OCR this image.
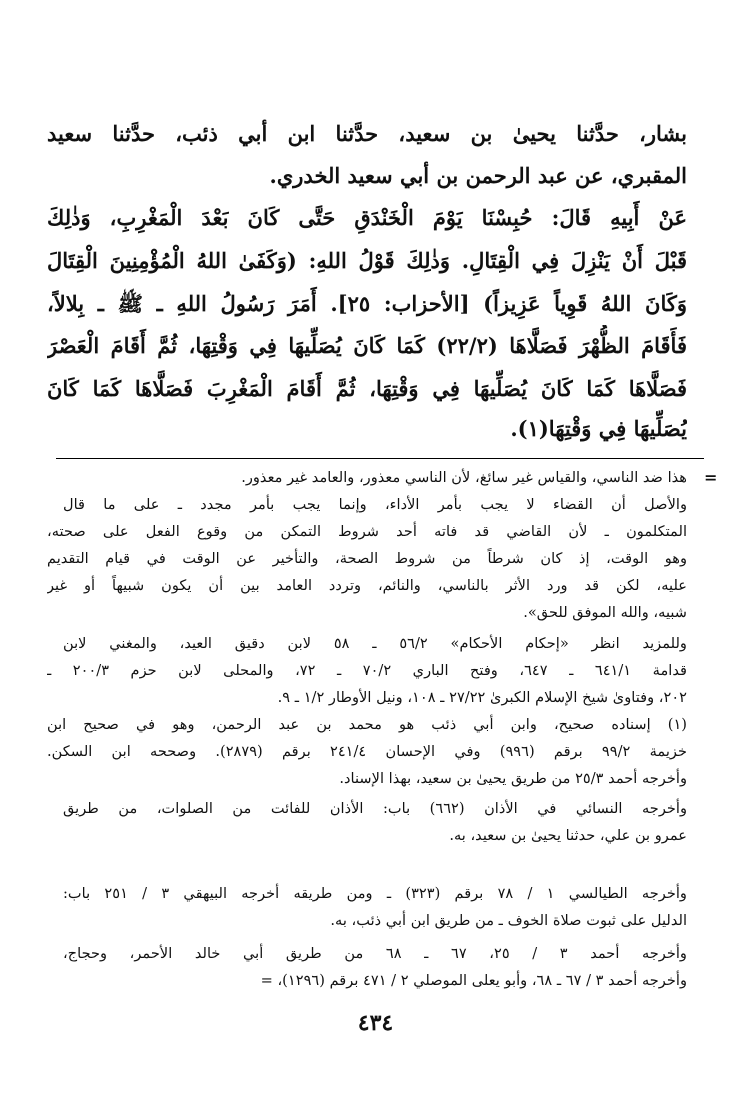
بشار، حدَّثنا يحيىٰ بن سعيد، حدَّثنا ابن أبي ذئب، حدَّثنا سعيد
المقبري، عن عبد الرحمن بن أبي سعيد الخدري.
عَنْ أَبِيهِ قَالَ: حُبِسْنَا يَوْمَ الْخَنْدَقِ حَتَّى كَانَ بَعْدَ الْمَغْرِبِ، وَذٰلِكَ
قَبْلَ أَنْ يَنْزِلَ فِي الْقِتَالِ. وَذٰلِكَ قَوْلُ اللهِ: (وَكَفَىٰ اللهُ الْمُؤْمِنِينَ الْقِتَالَ
وَكَانَ اللهُ قَوِياً عَزِيزاً) [الأحزاب: ٢٥]. أَمَرَ رَسُولُ اللهِ ـ ﷺ ـ بِلالاً،
فَأَقَامَ الظُّهْرَ فَصَلَّاهَا (٢٢/٢) كَمَا كَانَ يُصَلِّيهَا فِي وَقْتِهَا، ثُمَّ أَقَامَ الْعَصْرَ
فَصَلَّاهَا كَمَا كَانَ يُصَلِّيهَا فِي وَقْتِهَا، ثُمَّ أَقَامَ الْمَغْرِبَ فَصَلَّاهَا كَمَا كَانَ
يُصَلِّيهَا فِي وَقْتِهَا(١).
=
هذا ضد الناسي، والقياس غير سائغ، لأن الناسي معذور، والعامد غير معذور.
والأصل أن القضاء لا يجب بأمر الأداء، وإنما يجب بأمر مجدد ـ على ما قال
المتكلمون ـ لأن القاضي قد فاته أحد شروط التمكن من وقوع الفعل على صحته،
وهو الوقت، إذ كان شرطاً من شروط الصحة، والتأخير عن الوقت في قيام التقديم
عليه، لكن قد ورد الأثر بالناسي، والنائم، وتردد العامد بين أن يكون شبيهاً أو غير
شبيه، والله الموفق للحق».
وللمزيد انظر «إحكام الأحكام» ٥٦/٢ ـ ٥٨ لابن دقيق العيد، والمغني لابن
قدامة ٦٤١/١ ـ ٦٤٧، وفتح الباري ٧٠/٢ ـ ٧٢، والمحلى لابن حزم ٢٠٠/٣ ـ
٢٠٢، وفتاوىٰ شيخ الإسلام الكبرىٰ ٢٧/٢٢ ـ ١٠٨، ونيل الأوطار ١/٢ ـ ٩.
(١) إسناده صحيح، وابن أبي ذئب هو محمد بن عبد الرحمن، وهو في صحيح ابن
خزيمة ٩٩/٢ برقم (٩٩٦) وفي الإحسان ٢٤١/٤ برقم (٢٨٧٩). وصححه ابن السكن.
وأخرجه أحمد ٢٥/٣ من طريق يحيىٰ بن سعيد، بهذا الإسناد.
وأخرجه النسائي في الأذان (٦٦٢) باب: الأذان للفائت من الصلوات، من طريق
عمرو بن علي، حدثنا يحيىٰ بن سعيد، به.
وأخرجه الطيالسي ١ / ٧٨ برقم (٣٢٣) ـ ومن طريقه أخرجه البيهقي ٣ / ٢٥١ باب:
الدليل على ثبوت صلاة الخوف ـ من طريق ابن أبي ذئب، به.
وأخرجه أحمد ٣ / ٢٥، ٦٧ ـ ٦٨ من طريق أبي خالد الأحمر، وحجاج،
وأخرجه أحمد ٣ / ٦٧ ـ ٦٨، وأبو يعلى الموصلي ٢ / ٤٧١ برقم (١٢٩٦)، =
٤٣٤
